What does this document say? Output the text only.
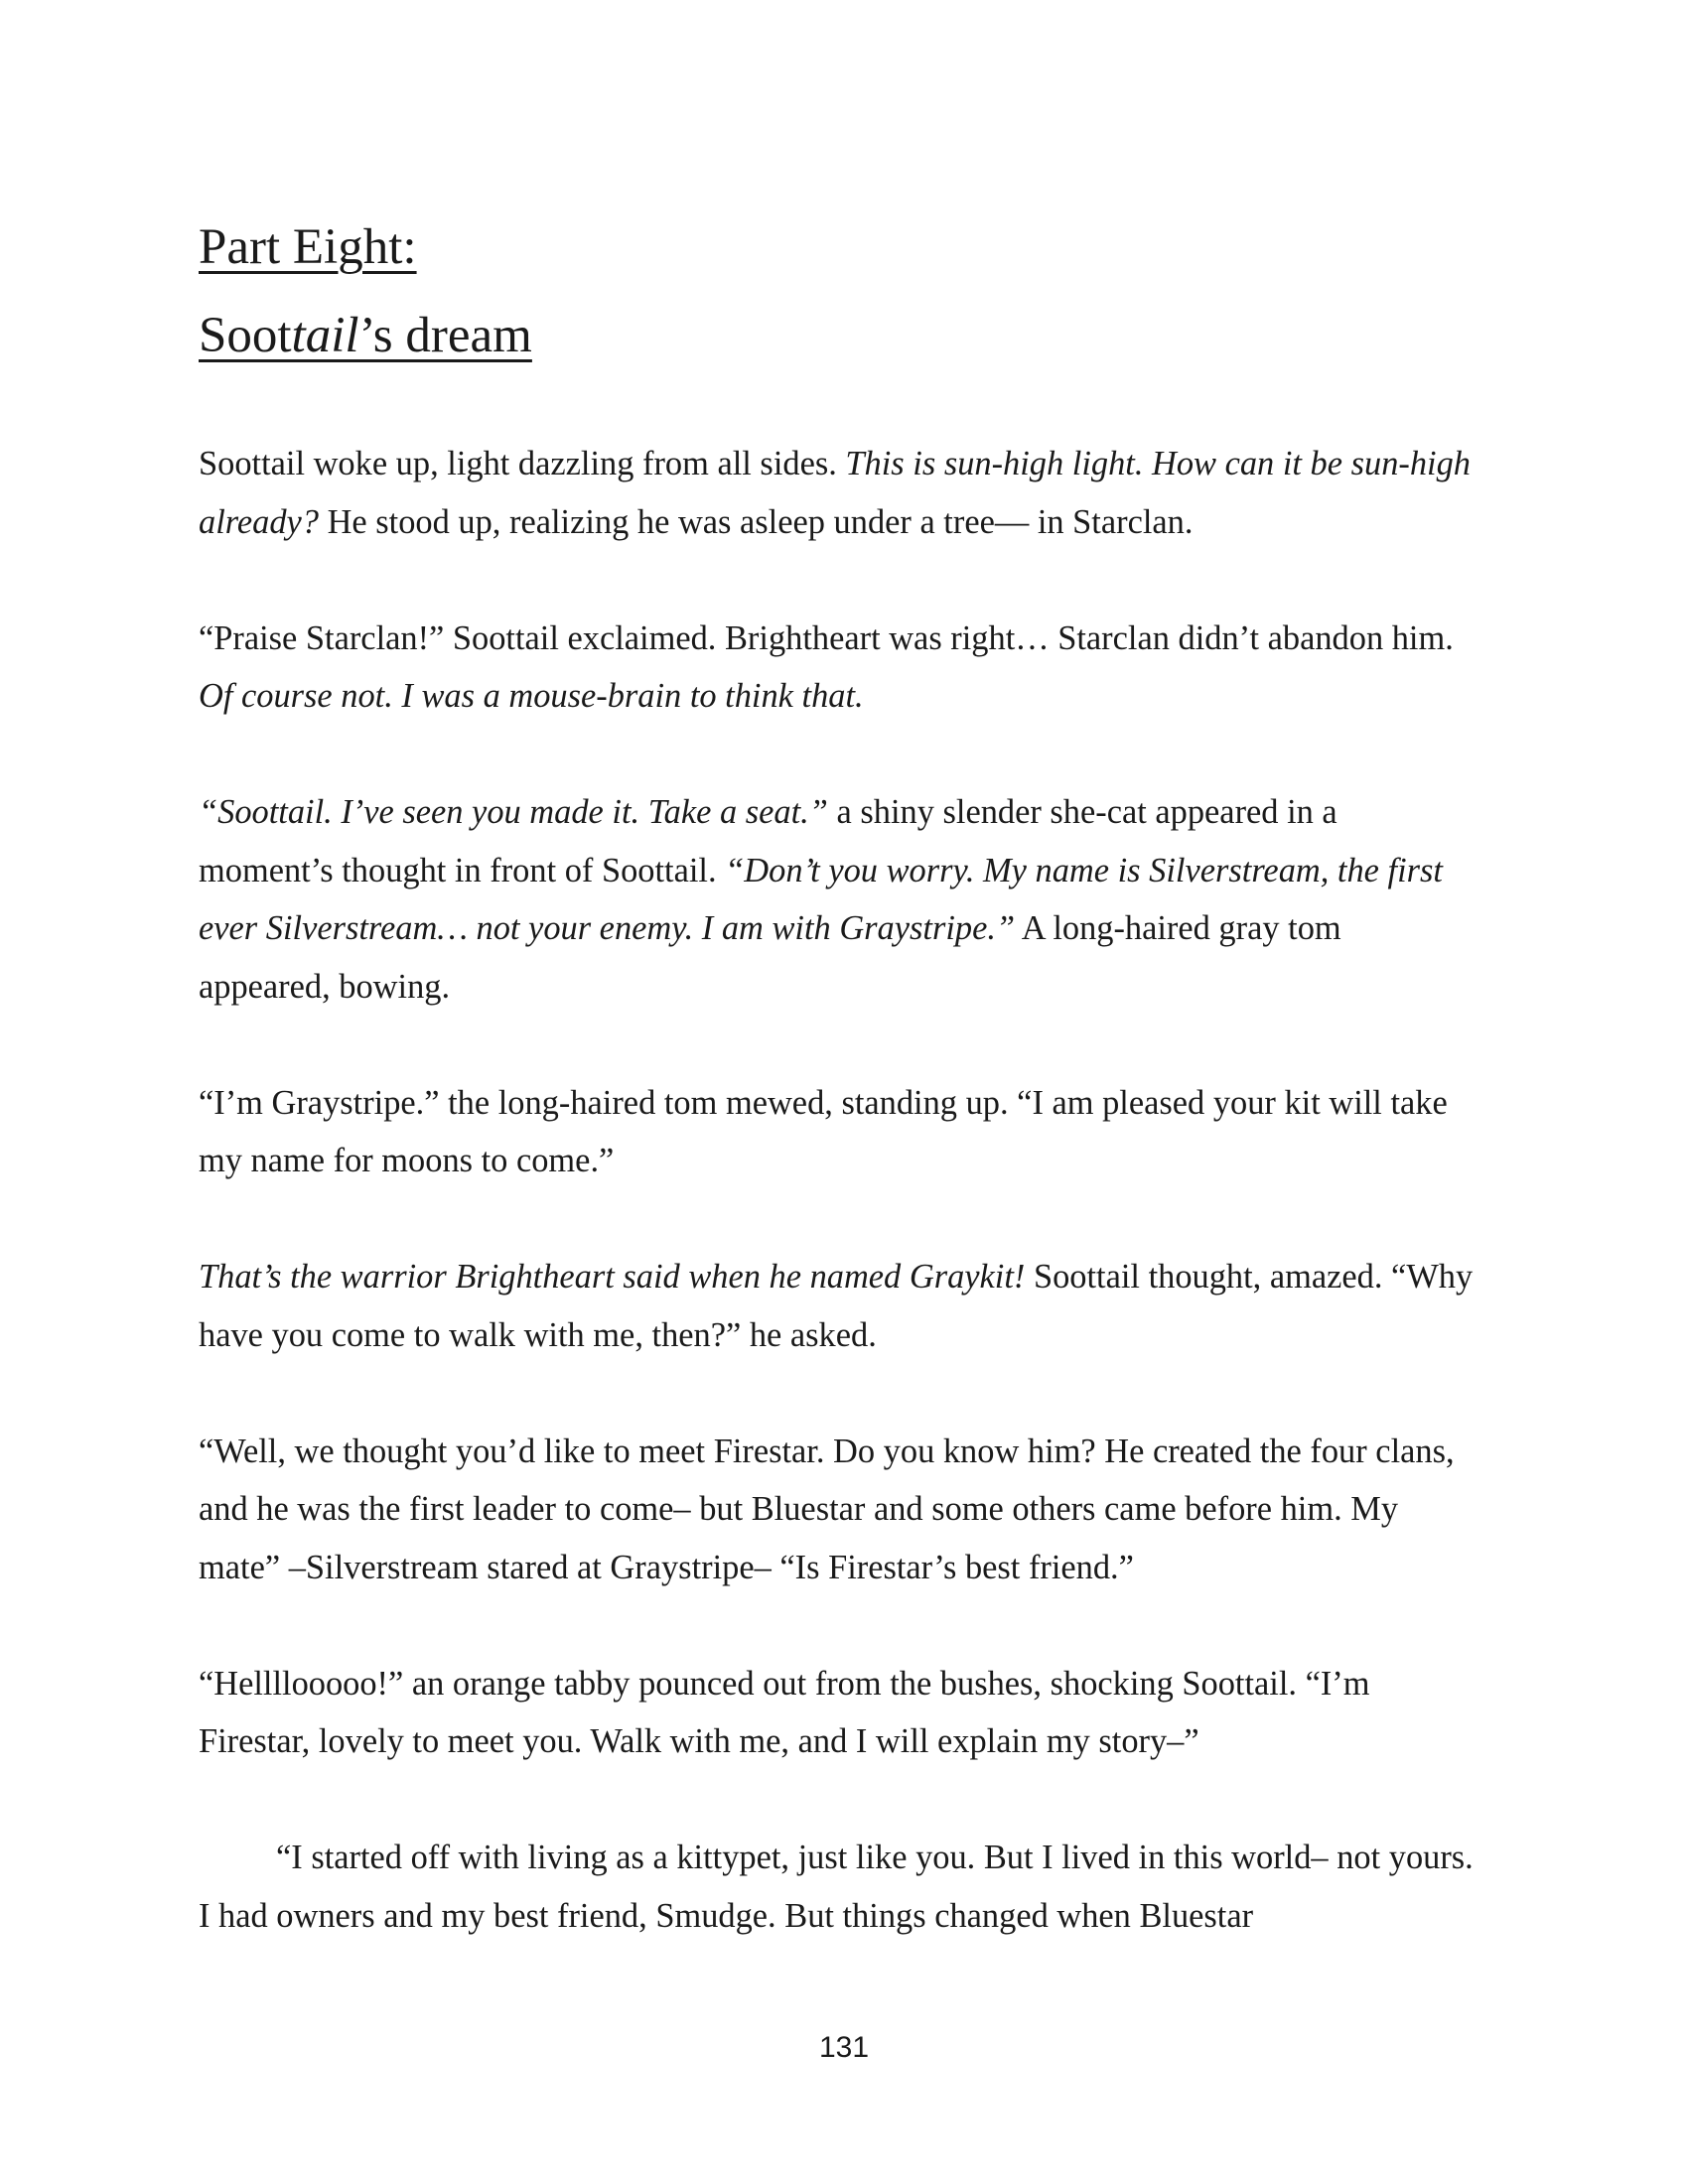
Part Eight:
Soottail’s dream

Soottail woke up, light dazzling from all sides. This is sun-high light. How can it be sun-high already? He stood up, realizing he was asleep under a tree— in Starclan.

“Praise Starclan!” Soottail exclaimed. Brightheart was right… Starclan didn’t abandon him. Of course not. I was a mouse-brain to think that.

“Soottail. I’ve seen you made it. Take a seat.” a shiny slender she-cat appeared in a moment’s thought in front of Soottail. “Don’t you worry. My name is Silverstream, the first ever Silverstream… not your enemy. I am with Graystripe.” A long-haired gray tom appeared, bowing.

“I’m Graystripe.” the long-haired tom mewed, standing up. “I am pleased your kit will take my name for moons to come.”

That’s the warrior Brightheart said when he named Graykit! Soottail thought, amazed. “Why have you come to walk with me, then?” he asked.

“Well, we thought you’d like to meet Firestar. Do you know him? He created the four clans, and he was the first leader to come– but Bluestar and some others came before him. My mate” –Silverstream stared at Graystripe– “Is Firestar’s best friend.”

“Hellllooooo!” an orange tabby pounced out from the bushes, shocking Soottail. “I’m Firestar, lovely to meet you. Walk with me, and I will explain my story–”

“I started off with living as a kittypet, just like you. But I lived in this world– not yours. I had owners and my best friend, Smudge. But things changed when Bluestar

131
